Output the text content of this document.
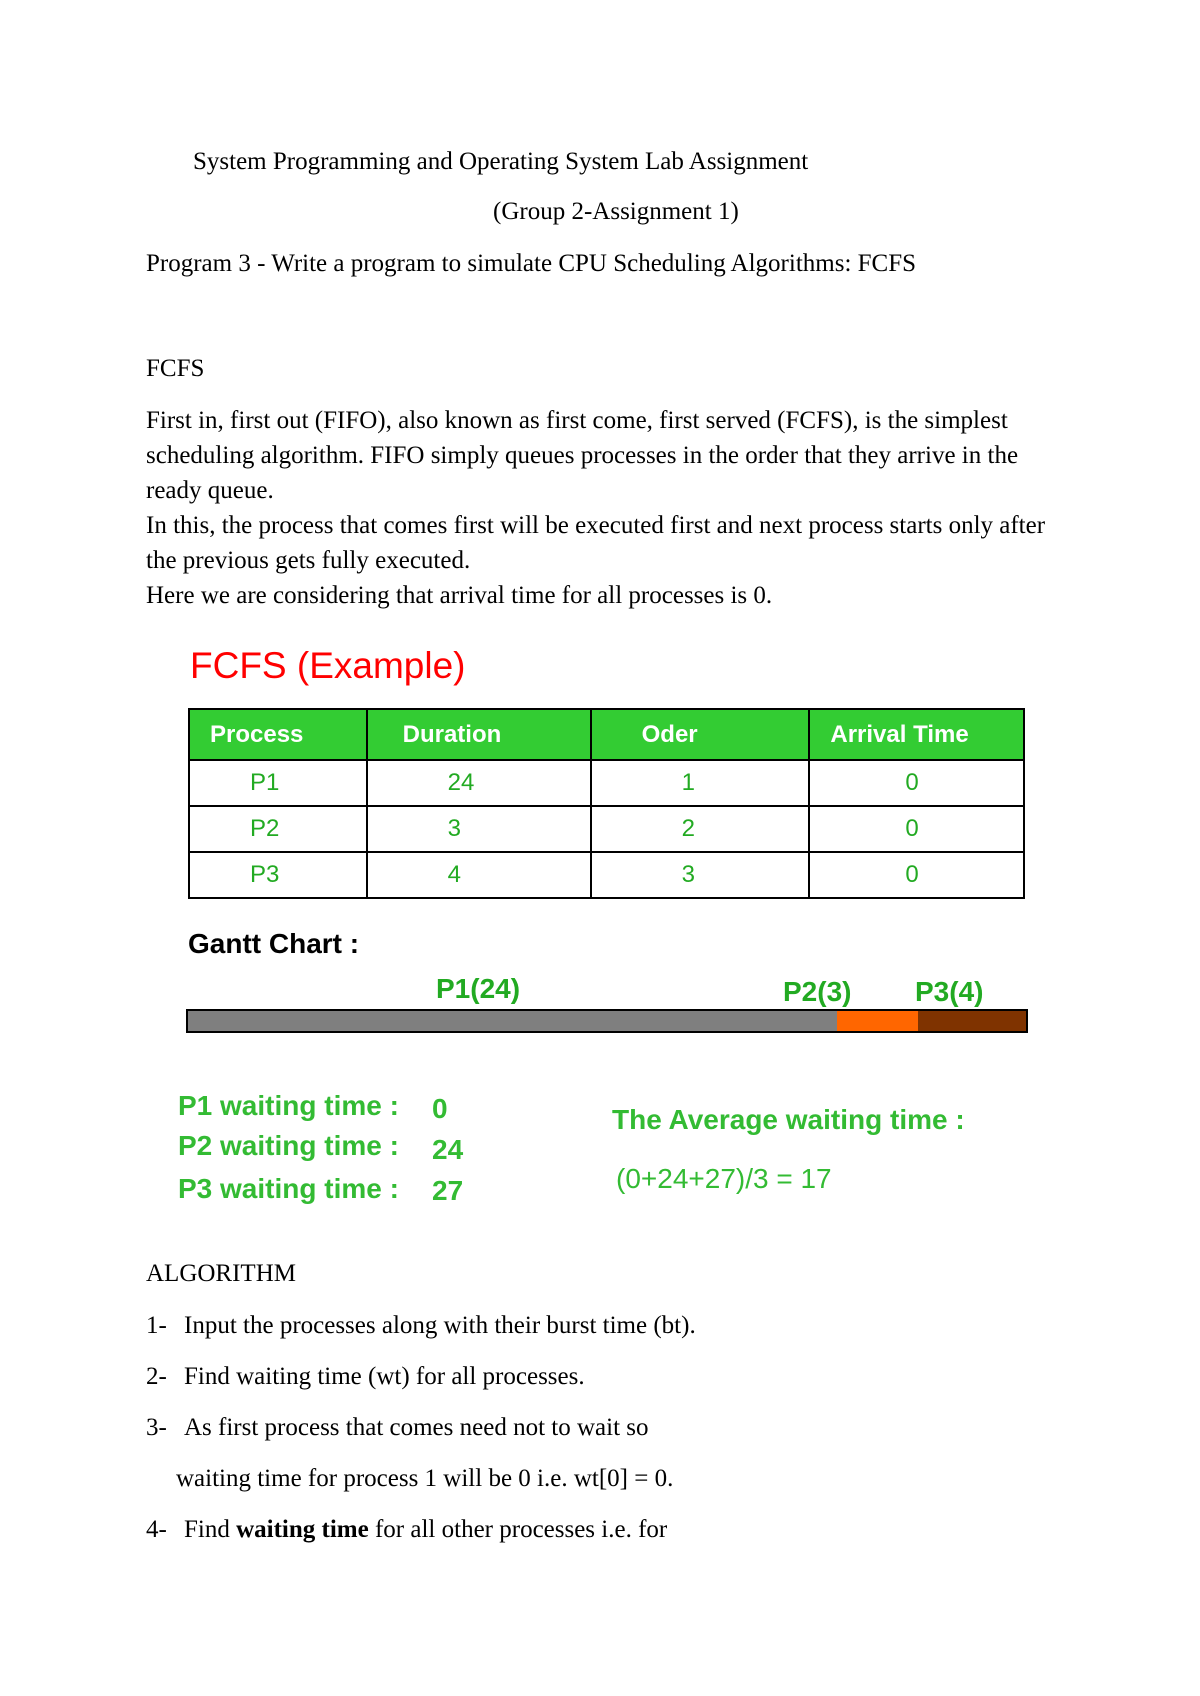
System Programming and Operating System Lab Assignment
(Group 2-Assignment 1)
Program 3 - Write a program to simulate CPU Scheduling Algorithms: FCFS
FCFS

First in, first out (FIFO), also known as first come, first served (FCFS), is the simplest scheduling algorithm. FIFO simply queues processes in the order that they arrive in the ready queue.

In this, the process that comes first will be executed first and next process starts only after the previous gets fully executed.

Here we are considering that arrival time for all processes is 0.

FCFS (Example)
Process	Duration	Oder	Arrival Time
P1	24	1	0
P2	3	2	0
P3	4	3	0
Gantt Chart :
P1(24)	P2(3) P3(4)
P1 waiting time : 0
P2 waiting time : 24
P3 waiting time : 27
The Average waiting time :
(0+24+27)/3 = 17
ALGORITHM
1- Input the processes along with their burst time (bt).
2- Find waiting time (wt) for all processes.
3- As first process that comes need not to wait so
waiting time for process 1 will be 0 i.e. wt[0] = 0.
4- Find waiting time for all other processes i.e. for
